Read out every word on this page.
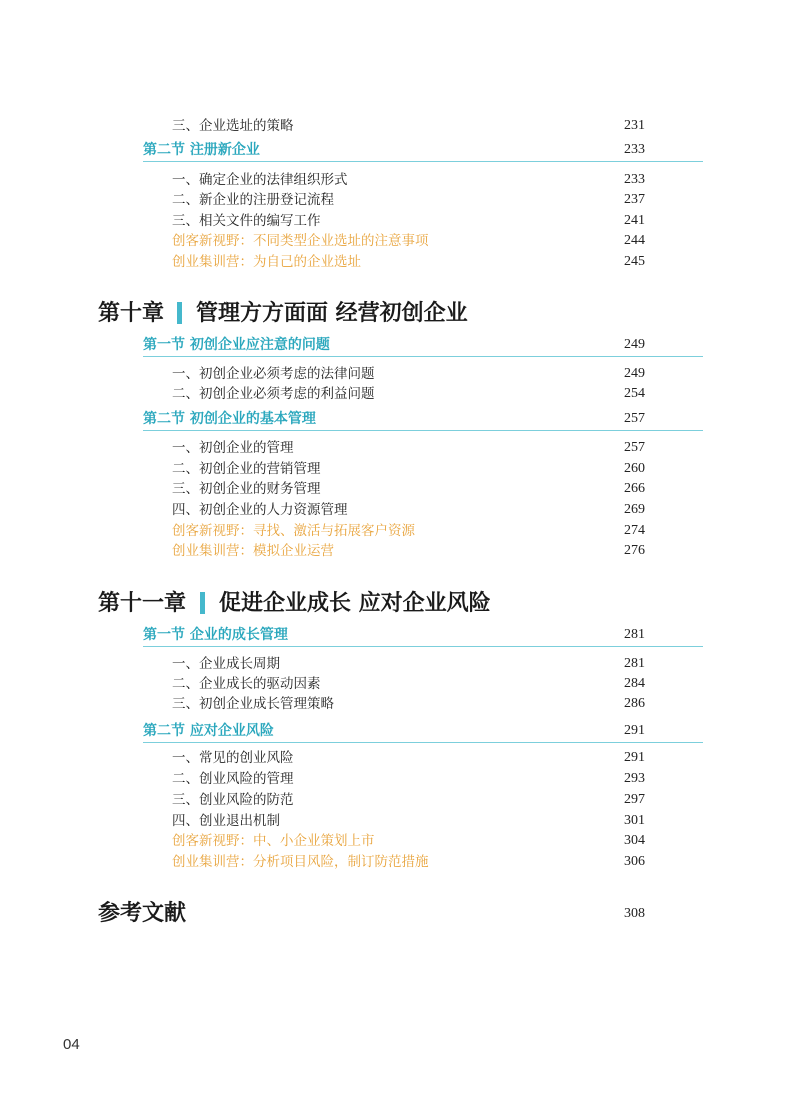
三、企业选址的策略	231
第二节 注册新企业	233
一、确定企业的法律组织形式	233
二、新企业的注册登记流程	237
三、相关文件的编写工作	241
创客新视野：不同类型企业选址的注意事项	244
创业集训营：为自己的企业选址	245
第十章 管理方方面面 经营初创企业
第一节 初创企业应注意的问题	249
一、初创企业必须考虑的法律问题	249
二、初创企业必须考虑的利益问题	254
第二节 初创企业的基本管理	257
一、初创企业的管理	257
二、初创企业的营销管理	260
三、初创企业的财务管理	266
四、初创企业的人力资源管理	269
创客新视野：寻找、激活与拓展客户资源	274
创业集训营：模拟企业运营	276
第十一章 促进企业成长 应对企业风险
第一节 企业的成长管理	281
一、企业成长周期	281
二、企业成长的驱动因素	284
三、初创企业成长管理策略	286
第二节 应对企业风险	291
一、常见的创业风险	291
二、创业风险的管理	293
三、创业风险的防范	297
四、创业退出机制	301
创客新视野：中、小企业策划上市	304
创业集训营：分析项目风险，制订防范措施	306
参考文献	308
04
